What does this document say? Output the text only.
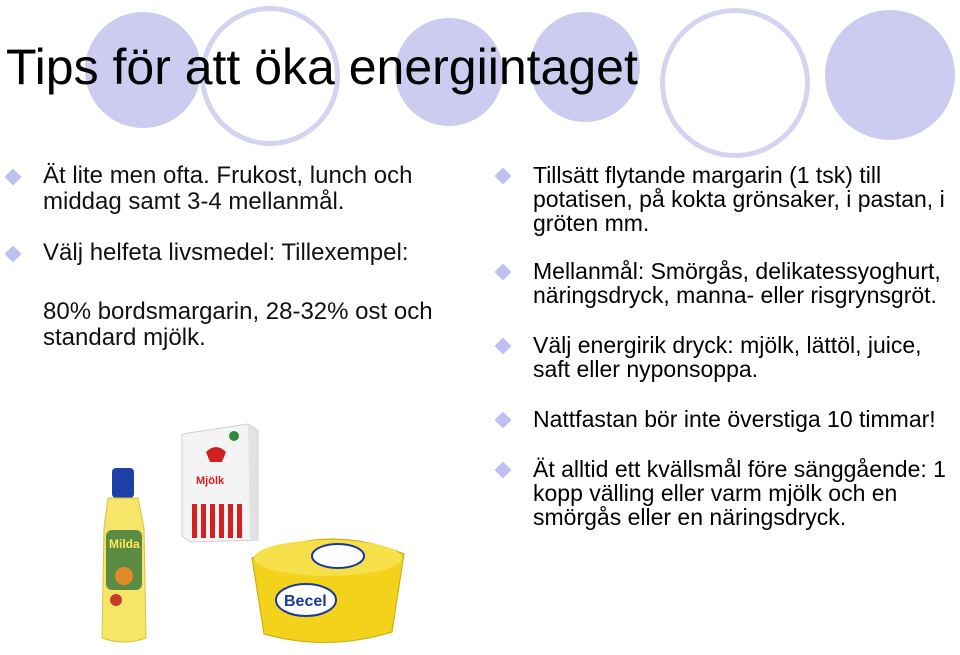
Tips för att öka energiintaget
Ät lite men ofta. Frukost, lunch och middag samt 3-4 mellanmål.
Välj helfeta livsmedel: Tillexempel:
80% bordsmargarin, 28-32% ost och standard mjölk.
Tillsätt flytande margarin (1 tsk) till potatisen, på kokta grönsaker, i pastan, i gröten mm.
Mellanmål: Smörgås, delikatessyoghurt, näringsdryck, manna- eller risgrynsgröt.
Välj energirik dryck: mjölk, lättöl, juice, saft eller nyponsoppa.
Nattfastan bör inte överstiga 10 timmar!
Ät alltid ett kvällsmål före sänggående: 1 kopp välling eller varm mjölk och en smörgås eller en näringsdryck.
Mjölk
Milda
Becel
